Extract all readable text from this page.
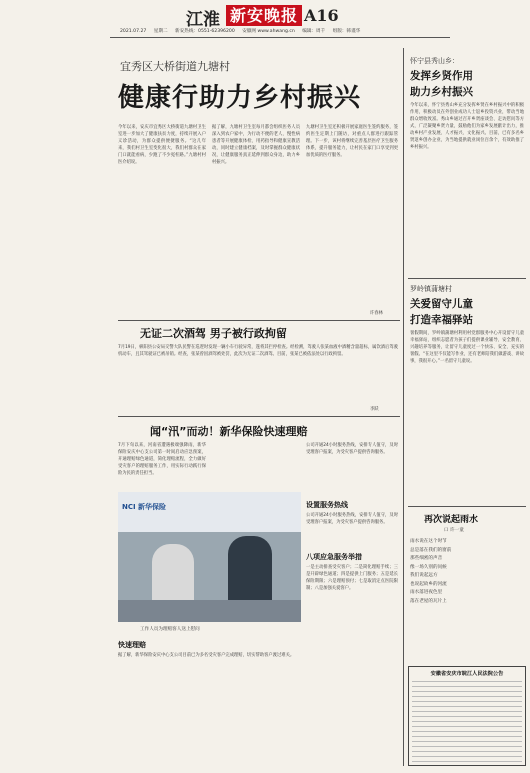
江淮 新安晚报 A16
2021.07.27 星期二 新安热线：0551-62396200 安徽网 www.ahwang.cn 编辑：周千 组版：韩谨华
宜秀区大桥街道九塘村
健康行助力乡村振兴
今年以来，安庆市宜秀区大桥街道九塘村卫生室进一步加大了健康扶贫力度，持续开展入户义诊活动，为群众提供便捷服务。“这几年来，我们村卫生室变化很大，我们村群众在家门口就能看病，少跑了不少冤枉路。”九塘村村医介绍说。
据了解，九塘村卫生室每月都会组织医务人员深入到农户家中，为行动不便的老人、慢性病患者等开展健康体检、用药指导和健康宣教活动，同时建立健康档案，及时掌握群众健康状况，让健康服务真正延伸到群众身边，助力乡村振兴。
九塘村卫生室还积极开展家庭医生签约服务，签约医生定期上门随访，对重点人群进行跟踪管理。下一步，该村将继续完善基层医疗卫生服务体系，提升服务能力，让村民在家门口享受到更加优质的医疗服务。
许春林
无证二次酒驾 男子被行政拘留
7月19日，枞阳县公安局交警大队民警在巡逻时发现一辆小车行驶异常，遂将其拦停检查。经检测，驾驶人张某血液中酒精含量超标，属饮酒后驾驶机动车，且其驾驶证已被吊销。经查，张某曾因酒驾被处罚，此次为无证二次酒驾。目前，张某已被依法处以行政拘留。
李跃
闻“汛”而动！新华保险快速理赔
7月下旬以来，河南省遭遇极端强降雨，新华保险安庆中心支公司第一时间启动应急预案，开通理赔绿色通道，简化理赔流程，全力做好受灾客户的理赔服务工作，用实际行动践行保险为民的责任担当。
NCI 新华保险
工作人员为理赔客人送上慰问
快速理赔
据了解，新华保险安庆中心支公司目前已为多名受灾客户完成理赔，切实帮助客户渡过难关。
公司开通24小时服务热线，安排专人值守，及时受理客户报案，为受灾客户提供咨询服务。
设置服务热线
公司开通24小时服务热线，安排专人值守，及时受理客户报案，为受灾客户提供咨询服务。
八项应急服务举措
一是主动排查受灾客户；二是简化理赔手续；三是开辟绿色通道；四是提供上门服务；五是延长保险期限；六是理赔预付；七是取消定点医院限制；八是加强关爱客户。
怀宁县秀山乡：
发挥乡贤作用
助力乡村振兴
今年以来，怀宁县秀山乡充分发挥乡贤在乡村振兴中的积极作用，积极动员在外创业成功人士返乡投资兴业，带动当地群众增收致富。秀山乡通过召开乡贤座谈会、走访慰问等方式，广泛凝聚乡贤力量，鼓励他们为家乡发展献计出力，推动乡村产业发展、人才振兴、文化振兴。目前，已有多名乡贤返乡创办企业，为当地提供就业岗位百余个，有效助推了乡村振兴。
罗岭镇蒲塘村
关爱留守儿童
打造幸福驿站
暑假期间，罗岭镇蒲塘村利用村党群服务中心开设留守儿童幸福驿站，组织志愿者为孩子们提供课业辅导、安全教育、兴趣培养等服务，让留守儿童度过一个快乐、安全、充实的暑假。“在这里不仅能写作业，还有老师陪我们做游戏、讲故事，我很开心。”一名留守儿童说。
再次说起雨水
口 许一童
雨水说在这个时节
总是落在我们的窗前
那些细密的声音
像一场久别的问候
我们说起远方
也说起故乡的河流
雨水落进夜色里
落在老屋的瓦片上
安徽省安庆市皖江人民法院公告
